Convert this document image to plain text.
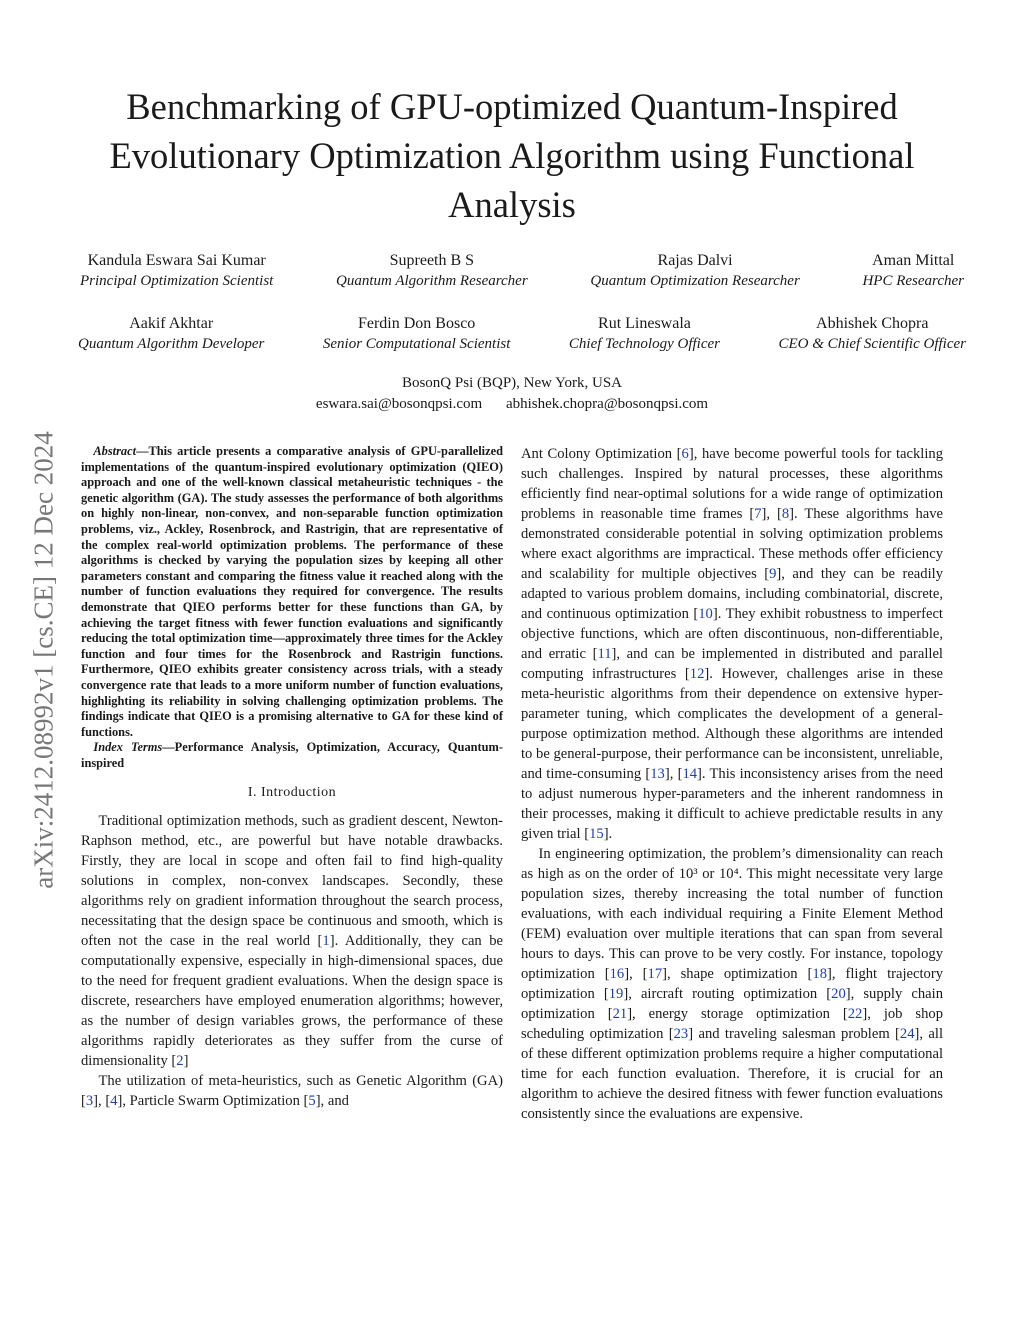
arXiv:2412.08992v1 [cs.CE] 12 Dec 2024
Benchmarking of GPU-optimized Quantum-Inspired Evolutionary Optimization Algorithm using Functional Analysis
Kandula Eswara Sai Kumar
Principal Optimization Scientist
Supreeth B S
Quantum Algorithm Researcher
Rajas Dalvi
Quantum Optimization Researcher
Aman Mittal
HPC Researcher
Aakif Akhtar
Quantum Algorithm Developer
Ferdin Don Bosco
Senior Computational Scientist
Rut Lineswala
Chief Technology Officer
Abhishek Chopra
CEO & Chief Scientific Officer
BosonQ Psi (BQP), New York, USA
eswara.sai@bosonqpsi.com abhishek.chopra@bosonqpsi.com

Abstract—This article presents a comparative analysis of GPU-parallelized implementations of the quantum-inspired evolutionary optimization (QIEO) approach and one of the well-known classical metaheuristic techniques - the genetic algorithm (GA). The study assesses the performance of both algorithms on highly non-linear, non-convex, and non-separable function optimization problems, viz., Ackley, Rosenbrock, and Rastrigin, that are representative of the complex real-world optimization problems. The performance of these algorithms is checked by varying the population sizes by keeping all other parameters constant and comparing the fitness value it reached along with the number of function evaluations they required for convergence. The results demonstrate that QIEO performs better for these functions than GA, by achieving the target fitness with fewer function evaluations and significantly reducing the total optimization time—approximately three times for the Ackley function and four times for the Rosenbrock and Rastrigin functions. Furthermore, QIEO exhibits greater consistency across trials, with a steady convergence rate that leads to a more uniform number of function evaluations, highlighting its reliability in solving challenging optimization problems. The findings indicate that QIEO is a promising alternative to GA for these kind of functions.

Index Terms—Performance Analysis, Optimization, Accuracy, Quantum-inspired

I. Introduction

Traditional optimization methods, such as gradient descent, Newton-Raphson method, etc., are powerful but have notable drawbacks. Firstly, they are local in scope and often fail to find high-quality solutions in complex, non-convex landscapes. Secondly, these algorithms rely on gradient information throughout the search process, necessitating that the design space be continuous and smooth, which is often not the case in the real world [1]. Additionally, they can be computationally expensive, especially in high-dimensional spaces, due to the need for frequent gradient evaluations. When the design space is discrete, researchers have employed enumeration algorithms; however, as the number of design variables grows, the performance of these algorithms rapidly deteriorates as they suffer from the curse of dimensionality [2]

The utilization of meta-heuristics, such as Genetic Algorithm (GA) [3], [4], Particle Swarm Optimization [5], and

Ant Colony Optimization [6], have become powerful tools for tackling such challenges. Inspired by natural processes, these algorithms efficiently find near-optimal solutions for a wide range of optimization problems in reasonable time frames [7], [8]. These algorithms have demonstrated considerable potential in solving optimization problems where exact algorithms are impractical. These methods offer efficiency and scalability for multiple objectives [9], and they can be readily adapted to various problem domains, including combinatorial, discrete, and continuous optimization [10]. They exhibit robustness to imperfect objective functions, which are often discontinuous, non-differentiable, and erratic [11], and can be implemented in distributed and parallel computing infrastructures [12]. However, challenges arise in these meta-heuristic algorithms from their dependence on extensive hyper-parameter tuning, which complicates the development of a general-purpose optimization method. Although these algorithms are intended to be general-purpose, their performance can be inconsistent, unreliable, and time-consuming [13], [14]. This inconsistency arises from the need to adjust numerous hyper-parameters and the inherent randomness in their processes, making it difficult to achieve predictable results in any given trial [15].

In engineering optimization, the problem’s dimensionality can reach as high as on the order of 10³ or 10⁴. This might necessitate very large population sizes, thereby increasing the total number of function evaluations, with each individual requiring a Finite Element Method (FEM) evaluation over multiple iterations that can span from several hours to days. This can prove to be very costly. For instance, topology optimization [16], [17], shape optimization [18], flight trajectory optimization [19], aircraft routing optimization [20], supply chain optimization [21], energy storage optimization [22], job shop scheduling optimization [23] and traveling salesman problem [24], all of these different optimization problems require a higher computational time for each function evaluation. Therefore, it is crucial for an algorithm to achieve the desired fitness with fewer function evaluations consistently since the evaluations are expensive.
